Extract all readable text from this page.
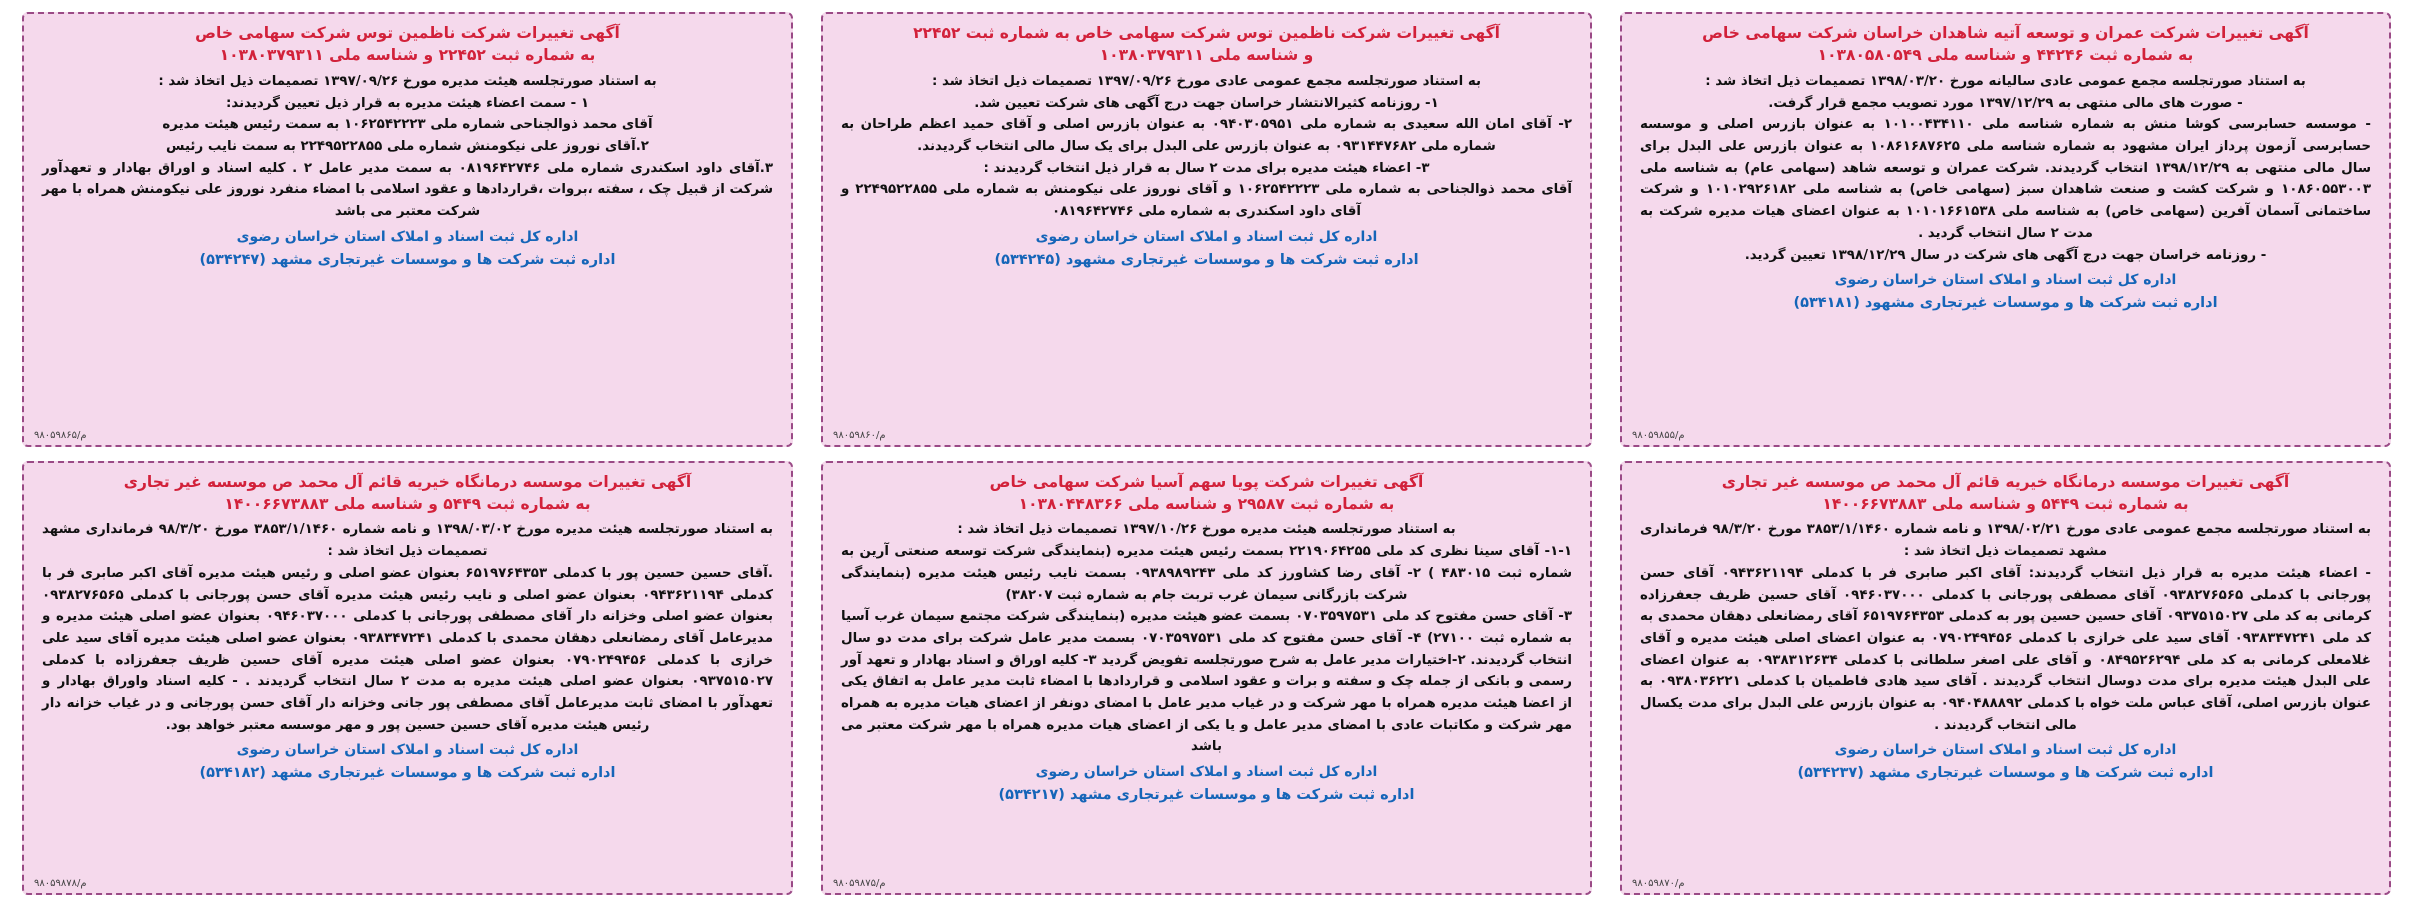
آگهی تغییرات شرکت ناظمین توس شرکت سهامی خاص
به شماره ثبت ۲۲۴۵۲ و شناسه ملی ۱۰۳۸۰۳۷۹۳۱۱

به استناد صورتجلسه هیئت مدیره مورخ ۱۳۹۷/۰۹/۲۶ تصمیمات ذیل اتخاذ شد :

۱ - سمت اعضاء هیئت مدیره به قرار ذیل تعیین گردیدند:

آقای محمد ذوالجناحی شماره ملی ۱۰۶۲۵۴۲۲۲۳ به سمت رئیس هیئت مدیره

۲.آقای نوروز علی نیکومنش شماره ملی ۲۲۴۹۵۲۲۸۵۵ به سمت نایب رئیس

۳.آقای داود اسکندری شماره ملی ۰۸۱۹۶۴۲۷۴۶ به سمت مدیر عامل ۲ . کلیه اسناد و اوراق بهادار و تعهدآور شرکت از قبیل چک ، سفته ،بروات ،قراردادها و عقود اسلامی با امضاء منفرد نوروز علی نیکومنش همراه با مهر شرکت معتبر می باشد

اداره کل ثبت اسناد و املاک استان خراسان رضوی
اداره ثبت شرکت ها و موسسات غیرتجاری مشهد (۵۳۴۲۴۷)
م/۹۸۰۵۹۸۶۵
آگهی تغییرات شرکت ناظمین توس شرکت سهامی خاص به شماره ثبت ۲۲۴۵۲
و شناسه ملی ۱۰۳۸۰۳۷۹۳۱۱

به استناد صورتجلسه مجمع عمومی عادی مورخ ۱۳۹۷/۰۹/۲۶ تصمیمات ذیل اتخاذ شد :

۱- روزنامه کثیرالانتشار خراسان جهت درج آگهی های شرکت تعیین شد.

۲- آقای امان الله سعیدی به شماره ملی ۰۹۴۰۳۰۵۹۵۱ به عنوان بازرس اصلی و آقای حمید اعظم طراحان به شماره ملی ۰۹۳۱۴۴۷۶۸۲ به عنوان بازرس علی البدل برای یک سال مالی انتخاب گردیدند.

۳- اعضاء هیئت مدیره برای مدت ۲ سال به قرار ذیل انتخاب گردیدند :

آقای محمد ذوالجناحی به شماره ملی ۱۰۶۲۵۴۲۲۲۳ و آقای نوروز علی نیکومنش به شماره ملی ۲۲۴۹۵۲۲۸۵۵ و آقای داود اسکندری به شماره ملی ۰۸۱۹۶۴۲۷۴۶

اداره کل ثبت اسناد و املاک استان خراسان رضوی
اداره ثبت شرکت ها و موسسات غیرتجاری مشهود (۵۳۴۲۴۵)
م/۹۸۰۵۹۸۶۰
آگهی تغییرات شرکت عمران و توسعه آتیه شاهدان خراسان شرکت سهامی خاص
به شماره ثبت ۴۴۲۴۶ و شناسه ملی ۱۰۳۸۰۵۸۰۵۴۹

به استناد صورتجلسه مجمع عمومی عادی سالیانه مورخ ۱۳۹۸/۰۳/۲۰ تصمیمات ذیل اتخاذ شد :

- صورت های مالی منتهی به ۱۳۹۷/۱۲/۲۹ مورد تصویب مجمع قرار گرفت.

- موسسه حسابرسی کوشا منش به شماره شناسه ملی ۱۰۱۰۰۴۳۴۱۱۰ به عنوان بازرس اصلی و موسسه حسابرسی آزمون پرداز ایران مشهود به شماره شناسه ملی ۱۰۸۶۱۶۸۷۶۲۵ به عنوان بازرس علی البدل برای سال مالی منتهی به ۱۳۹۸/۱۲/۲۹ انتخاب گردیدند. شرکت عمران و توسعه شاهد (سهامی عام) به شناسه ملی ۱۰۸۶۰۵۵۳۰۰۳ و شرکت کشت و صنعت شاهدان سبز (سهامی خاص) به شناسه ملی ۱۰۱۰۲۹۲۶۱۸۲ و شرکت ساختمانی آسمان آفرین (سهامی خاص) به شناسه ملی ۱۰۱۰۱۶۶۱۵۳۸ به عنوان اعضای هیات مدیره شرکت به مدت ۲ سال انتخاب گردید .

- روزنامه خراسان جهت درج آگهی های شرکت در سال ۱۳۹۸/۱۲/۲۹ تعیین گردید.

اداره کل ثبت اسناد و املاک استان خراسان رضوی
اداره ثبت شرکت ها و موسسات غیرتجاری مشهود (۵۳۴۱۸۱)
م/۹۸۰۵۹۸۵۵
آگهی تغییرات موسسه درمانگاه خیریه قائم آل محمد ص موسسه غیر تجاری
به شماره ثبت ۵۴۴۹ و شناسه ملی ۱۴۰۰۶۶۷۳۸۸۳

به استناد صورتجلسه هیئت مدیره مورخ ۱۳۹۸/۰۳/۰۲ و نامه شماره ۳۸۵۳/۱/۱۴۶۰ مورخ ۹۸/۳/۲۰ فرمانداری مشهد تصمیمات ذیل اتخاذ شد :

.آقای حسین حسین پور با کدملی ۶۵۱۹۷۶۴۳۵۳ بعنوان عضو اصلی و رئیس هیئت مدیره آقای اکبر صابری فر با کدملی ۰۹۴۳۶۲۱۱۹۴ بعنوان عضو اصلی و نایب رئیس هیئت مدیره آقای حسن پورجانی با کدملی ۰۹۳۸۲۷۶۵۶۵ بعنوان عضو اصلی وخزانه دار آقای مصطفی پورجانی با کدملی ۰۹۴۶۰۳۷۰۰۰ بعنوان عضو اصلی هیئت مدیره و مدیرعامل آقای رمضانعلی دهقان محمدی با کدملی ۰۹۳۸۳۴۷۲۴۱ بعنوان عضو اصلی هیئت مدیره آقای سید علی خرازی با کدملی ۰۷۹۰۲۴۹۴۵۶ بعنوان عضو اصلی هیئت مدیره آقای حسین ظریف جعفرزاده با کدملی ۰۹۳۷۵۱۵۰۲۷ بعنوان عضو اصلی هیئت مدیره به مدت ۲ سال انتخاب گردیدند . - کلیه اسناد واوراق بهادار و تعهدآور با امضای ثابت مدیرعامل آقای مصطفی پور جانی وخزانه دار آقای حسن پورجانی و در غیاب خزانه دار رئیس هیئت مدیره آقای حسین حسین پور و مهر موسسه معتبر خواهد بود.

اداره کل ثبت اسناد و املاک استان خراسان رضوی
اداره ثبت شرکت ها و موسسات غیرتجاری مشهد (۵۳۴۱۸۲)
م/۹۸۰۵۹۸۷۸
آگهی تغییرات شرکت پویا سهم آسیا شرکت سهامی خاص
به شماره ثبت ۲۹۵۸۷ و شناسه ملی ۱۰۳۸۰۴۴۸۳۶۶

به استناد صورتجلسه هیئت مدیره مورخ ۱۳۹۷/۱۰/۲۶ تصمیمات ذیل اتخاذ شد :

۱-۱- آقای سینا نظری کد ملی ۲۲۱۹۰۶۴۲۵۵ بسمت رئیس هیئت مدیره (بنمایندگی شرکت توسعه صنعتی آرین به شماره ثبت ۴۸۳۰۱۵ ) ۲- آقای رضا کشاورز کد ملی ۰۹۳۸۹۸۹۲۴۳ بسمت نایب رئیس هیئت مدیره (بنمایندگی شرکت بازرگانی سیمان غرب تربت جام به شماره ثبت ۳۸۲۰۷)

۳- آقای حسن مفتوح کد ملی ۰۷۰۳۵۹۷۵۳۱ بسمت عضو هیئت مدیره (بنمایندگی شرکت مجتمع سیمان غرب آسیا به شماره ثبت ۲۷۱۰۰) ۴- آقای حسن مفتوح کد ملی ۰۷۰۳۵۹۷۵۳۱ بسمت مدیر عامل شرکت برای مدت دو سال انتخاب گردیدند. ۲-اختیارات مدیر عامل به شرح صورتجلسه تفویض گردید ۳- کلیه اوراق و اسناد بهادار و تعهد آور رسمی و بانکی از جمله چک و سفته و برات و عقود اسلامی و قراردادها با امضاء ثابت مدیر عامل به اتفاق یکی از اعضا هیئت مدیره همراه با مهر شرکت و در غیاب مدیر عامل با امضای دونفر از اعضای هیات مدیره به همراه مهر شرکت و مکاتبات عادی با امضای مدیر عامل و یا یکی از اعضای هیات مدیره همراه با مهر شرکت معتبر می باشد

اداره کل ثبت اسناد و املاک استان خراسان رضوی
اداره ثبت شرکت ها و موسسات غیرتجاری مشهد (۵۳۴۲۱۷)
م/۹۸۰۵۹۸۷۵
آگهی تغییرات موسسه درمانگاه خیریه قائم آل محمد ص موسسه غیر تجاری
به شماره ثبت ۵۴۴۹ و شناسه ملی ۱۴۰۰۶۶۷۳۸۸۳

به استناد صورتجلسه مجمع عمومی عادی مورخ ۱۳۹۸/۰۲/۲۱ و نامه شماره ۳۸۵۳/۱/۱۴۶۰ مورخ ۹۸/۳/۲۰ فرمانداری مشهد تصمیمات ذیل اتخاذ شد :

- اعضاء هیئت مدیره به قرار ذیل انتخاب گردیدند: آقای اکبر صابری فر با کدملی ۰۹۴۳۶۲۱۱۹۴ آقای حسن پورجانی با کدملی ۰۹۳۸۲۷۶۵۶۵ آقای مصطفی پورجانی با کدملی ۰۹۴۶۰۳۷۰۰۰ آقای حسین ظریف جعفرزاده کرمانی به کد ملی ۰۹۳۷۵۱۵۰۲۷ آقای حسین حسین پور به کدملی ۶۵۱۹۷۶۴۳۵۳ آقای رمضانعلی دهقان محمدی به کد ملی ۰۹۳۸۳۴۷۲۴۱ آقای سید علی خرازی با کدملی ۰۷۹۰۲۴۹۴۵۶ به عنوان اعضای اصلی هیئت مدیره و آقای غلامعلی کرمانی به کد ملی ۰۸۴۹۵۲۶۲۹۴ و آقای علی اصغر سلطانی با کدملی ۰۹۳۸۳۱۲۶۳۴ به عنوان اعضای علی البدل هیئت مدیره برای مدت دوسال انتخاب گردیدند . آقای سید هادی فاطمیان با کدملی ۰۹۳۸۰۳۶۲۲۱ به عنوان بازرس اصلی، آقای عباس ملت خواه با کدملی ۰۹۴۰۴۸۸۸۹۲ به عنوان بازرس علی البدل برای مدت یکسال مالی انتخاب گردیدند .

اداره کل ثبت اسناد و املاک استان خراسان رضوی
اداره ثبت شرکت ها و موسسات غیرتجاری مشهد (۵۳۴۲۳۷)
م/۹۸۰۵۹۸۷۰
